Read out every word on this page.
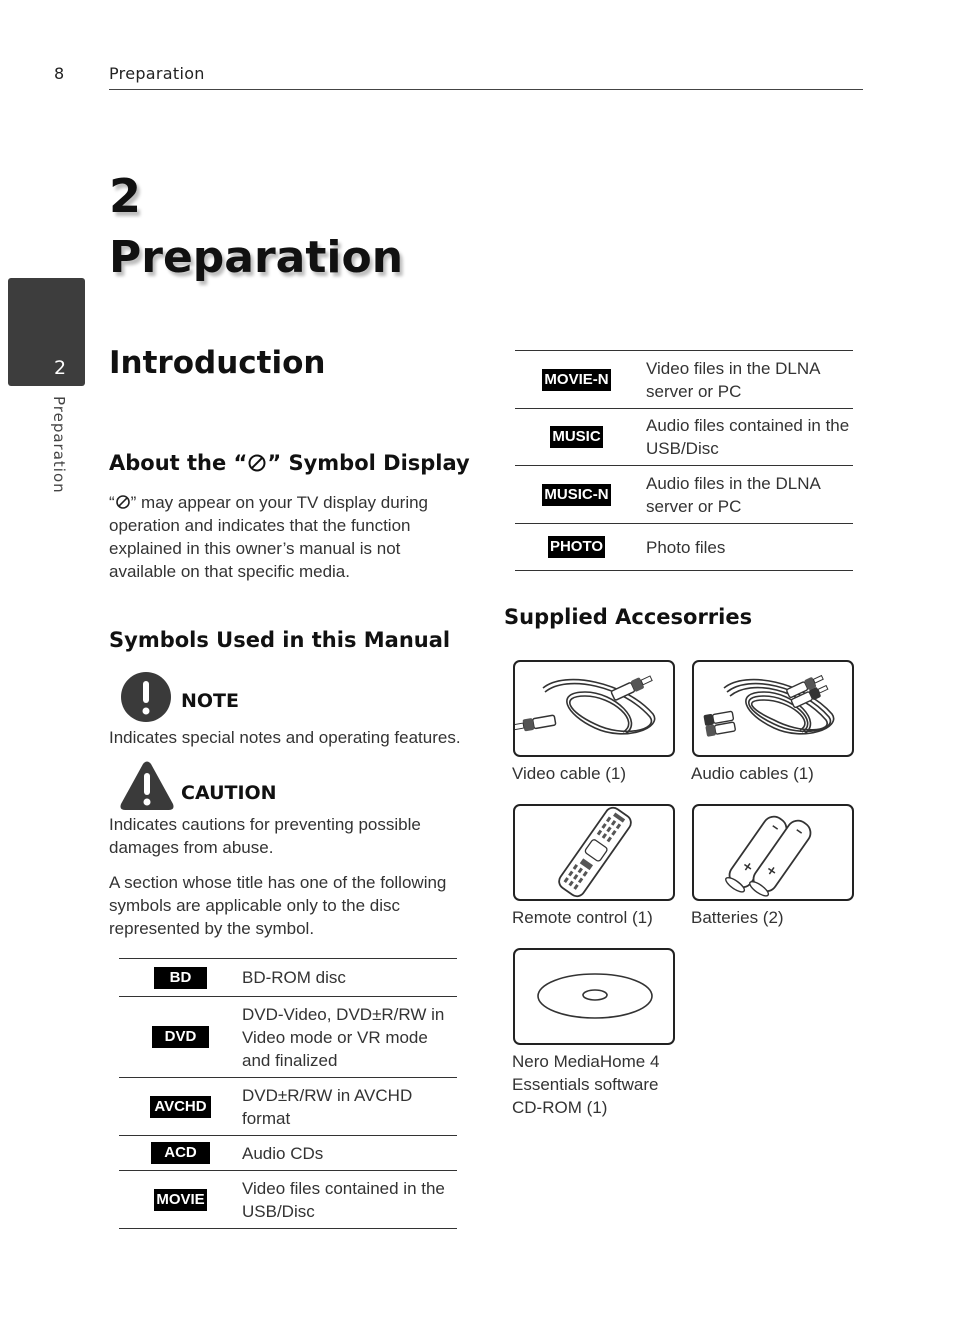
8	Preparation
2
Preparation
2
Preparation
Introduction
About the “ ” Symbol Display
“ ” may appear on your TV display during operation and indicates that the function explained in this owner’s manual is not available on that specific media.
Symbols Used in this Manual
NOTE
Indicates special notes and operating features.
CAUTION
Indicates cautions for preventing possible damages from abuse.
A section whose title has one of the following symbols are applicable only to the disc represented by the symbol.
BD	BD-ROM disc
DVD	DVD-Video, DVD±R/RW in Video mode or VR mode and finalized
AVCHD	DVD±R/RW in AVCHD format
ACD	Audio CDs
MOVIE	Video files contained in the USB/Disc
MOVIE-N	Video files in the DLNA server or PC
MUSIC	Audio files contained in the USB/Disc
MUSIC-N	Audio files in the DLNA server or PC
PHOTO	Photo files
Supplied Accesorries
Video cable (1)	Audio cables (1)
Remote control (1) Batteries (2)
Nero MediaHome 4 Essentials software CD-ROM (1)
